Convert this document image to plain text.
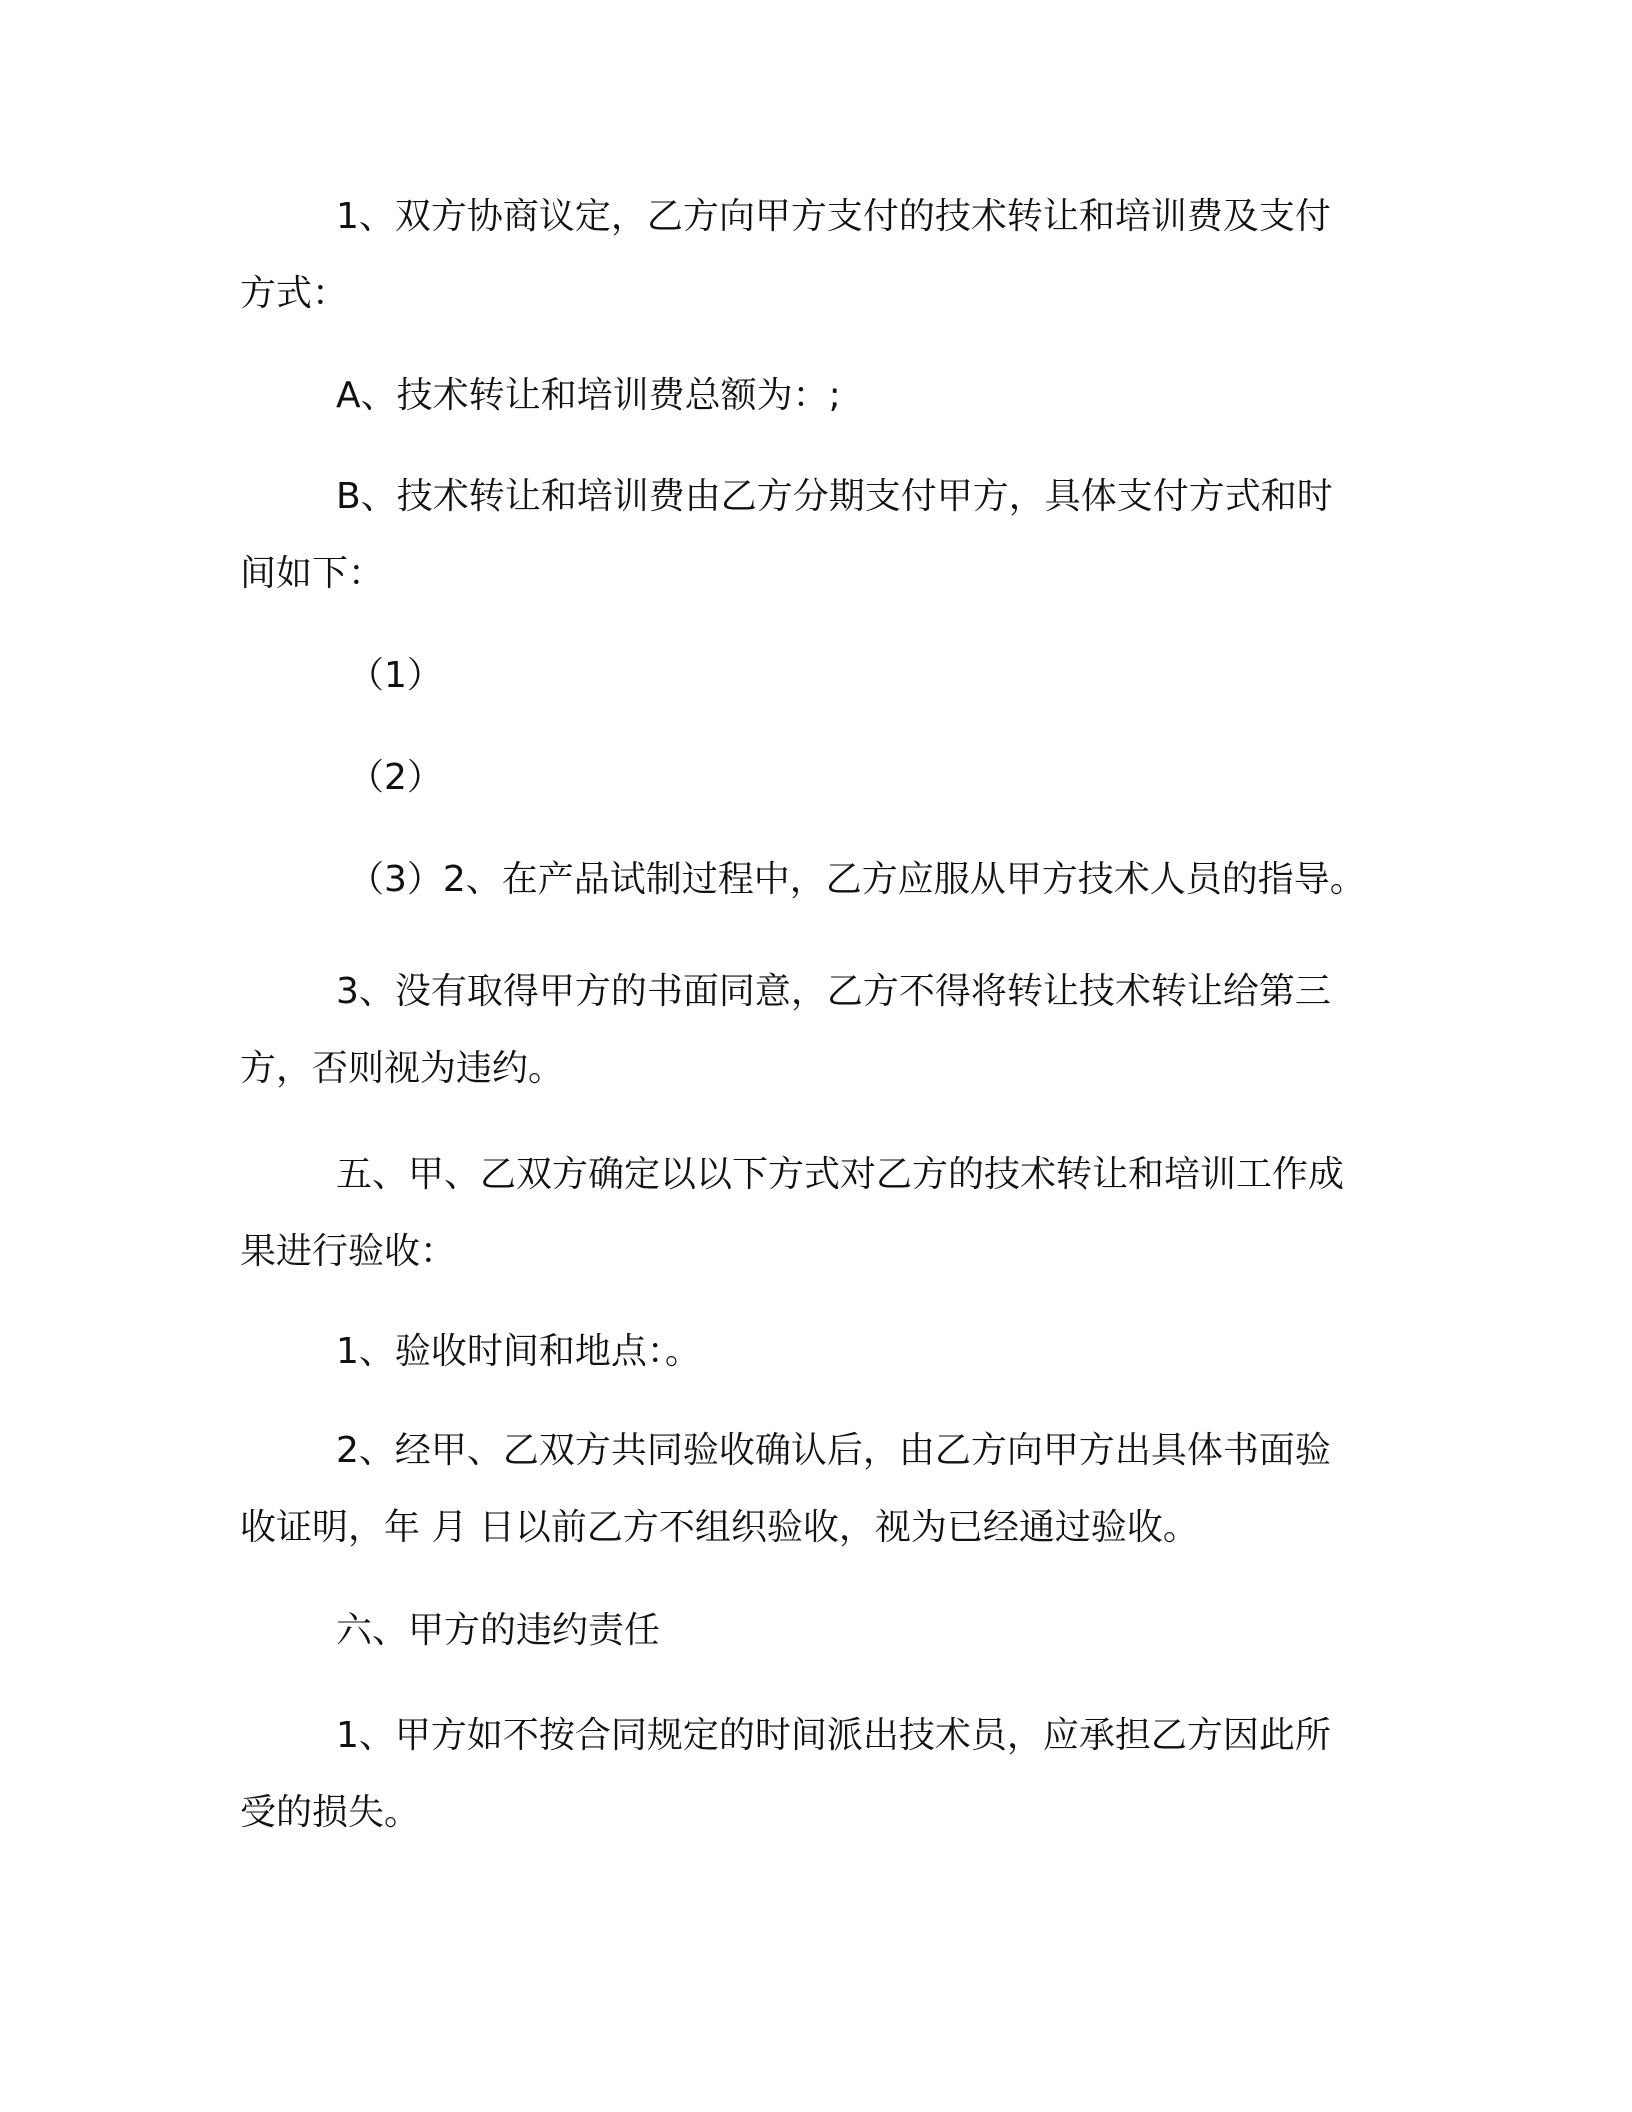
1、双方协商议定，乙方向甲方支付的技术转让和培训费及支付
方式：
A、技术转让和培训费总额为：;
B、技术转让和培训费由乙方分期支付甲方，具体支付方式和时
间如下：
（1）
（2）
（3）2、在产品试制过程中，乙方应服从甲方技术人员的指导。
3、没有取得甲方的书面同意，乙方不得将转让技术转让给第三
方，否则视为违约。
五、甲、乙双方确定以以下方式对乙方的技术转让和培训工作成
果进行验收：
1、验收时间和地点：。
2、经甲、乙双方共同验收确认后，由乙方向甲方出具体书面验
收证明，年 月 日以前乙方不组织验收，视为已经通过验收。
六、甲方的违约责任
1、甲方如不按合同规定的时间派出技术员，应承担乙方因此所
受的损失。
